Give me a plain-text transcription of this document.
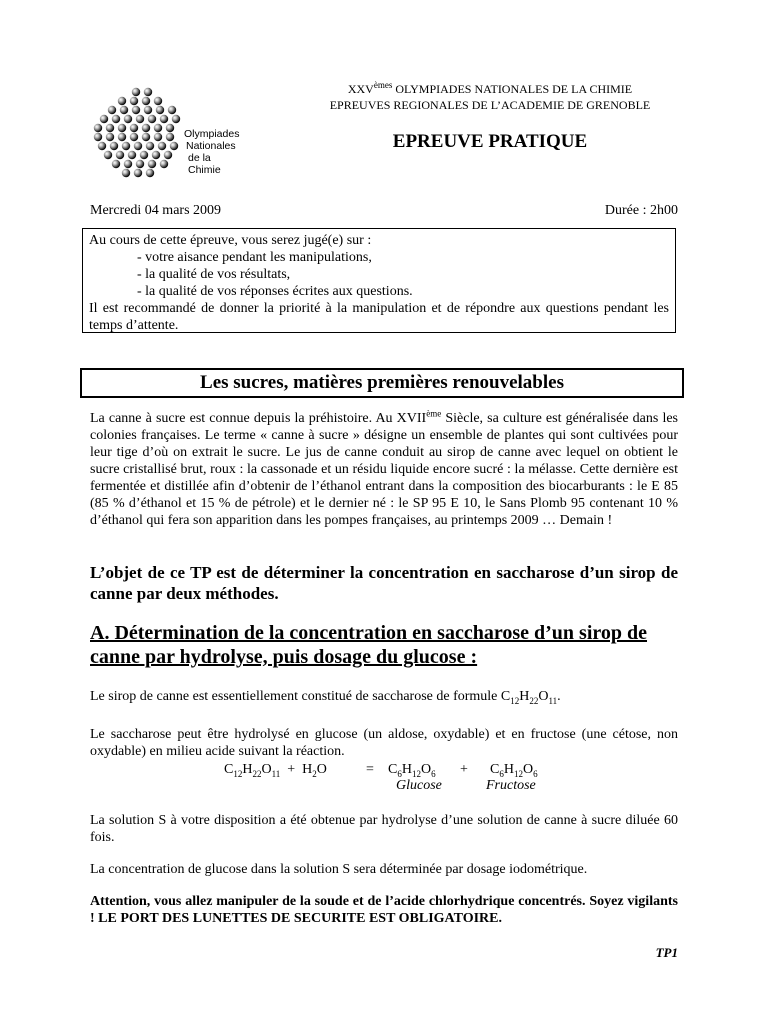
Olympiades
Nationales
de la Chimie
XXVèmes OLYMPIADES NATIONALES DE LA CHIMIE
EPREUVES REGIONALES DE L’ACADEMIE DE GRENOBLE
EPREUVE PRATIQUE
Mercredi 04 mars 2009	Durée : 2h00
Au cours de cette épreuve, vous serez jugé(e) sur :
- votre aisance pendant les manipulations,
- la qualité de vos résultats,
- la qualité de vos réponses écrites aux questions.
Il est recommandé de donner la priorité à la manipulation et de répondre aux questions pendant les temps d’attente.
Les sucres, matières premières renouvelables
La canne à sucre est connue depuis la préhistoire. Au XVIIème Siècle, sa culture est généralisée dans les colonies françaises. Le terme « canne à sucre » désigne un ensemble de plantes qui sont cultivées pour leur tige d’où on extrait le sucre. Le jus de canne conduit au sirop de canne avec lequel on obtient le sucre cristallisé brut, roux : la cassonade et un résidu liquide encore sucré : la mélasse. Cette dernière est fermentée et distillée afin d’obtenir de l’éthanol entrant dans la composition des biocarburants : le E 85 (85 % d’éthanol et 15 % de pétrole) et le dernier né : le SP 95 E 10, le Sans Plomb 95 contenant 10 % d’éthanol qui fera son apparition dans les pompes françaises, au printemps 2009 … Demain !
L’objet de ce TP est de déterminer la concentration en saccharose d’un sirop de canne par deux méthodes.
A. Détermination de la concentration en saccharose d’un sirop de canne par hydrolyse, puis dosage du glucose :
Le sirop de canne est essentiellement constitué de saccharose de formule $C_{12}H_{22}O_{11}$.
Le saccharose peut être hydrolysé en glucose (un aldose, oxydable) et en fructose (une cétose, non oxydable) en milieu acide suivant la réaction.
$C_{12}H_{22}O_{11} + H_2O$	= $C_6H_{12}O_6 + C_6H_{12}O_6$
Glucose	Fructose
La solution S à votre disposition a été obtenue par hydrolyse d’une solution de canne à sucre diluée 60 fois.
La concentration de glucose dans la solution S sera déterminée par dosage iodométrique.
Attention, vous allez manipuler de la soude et de l’acide chlorhydrique concentrés. Soyez vigilants ! LE PORT DES LUNETTES DE SECURITE EST OBLIGATOIRE.
TP1
